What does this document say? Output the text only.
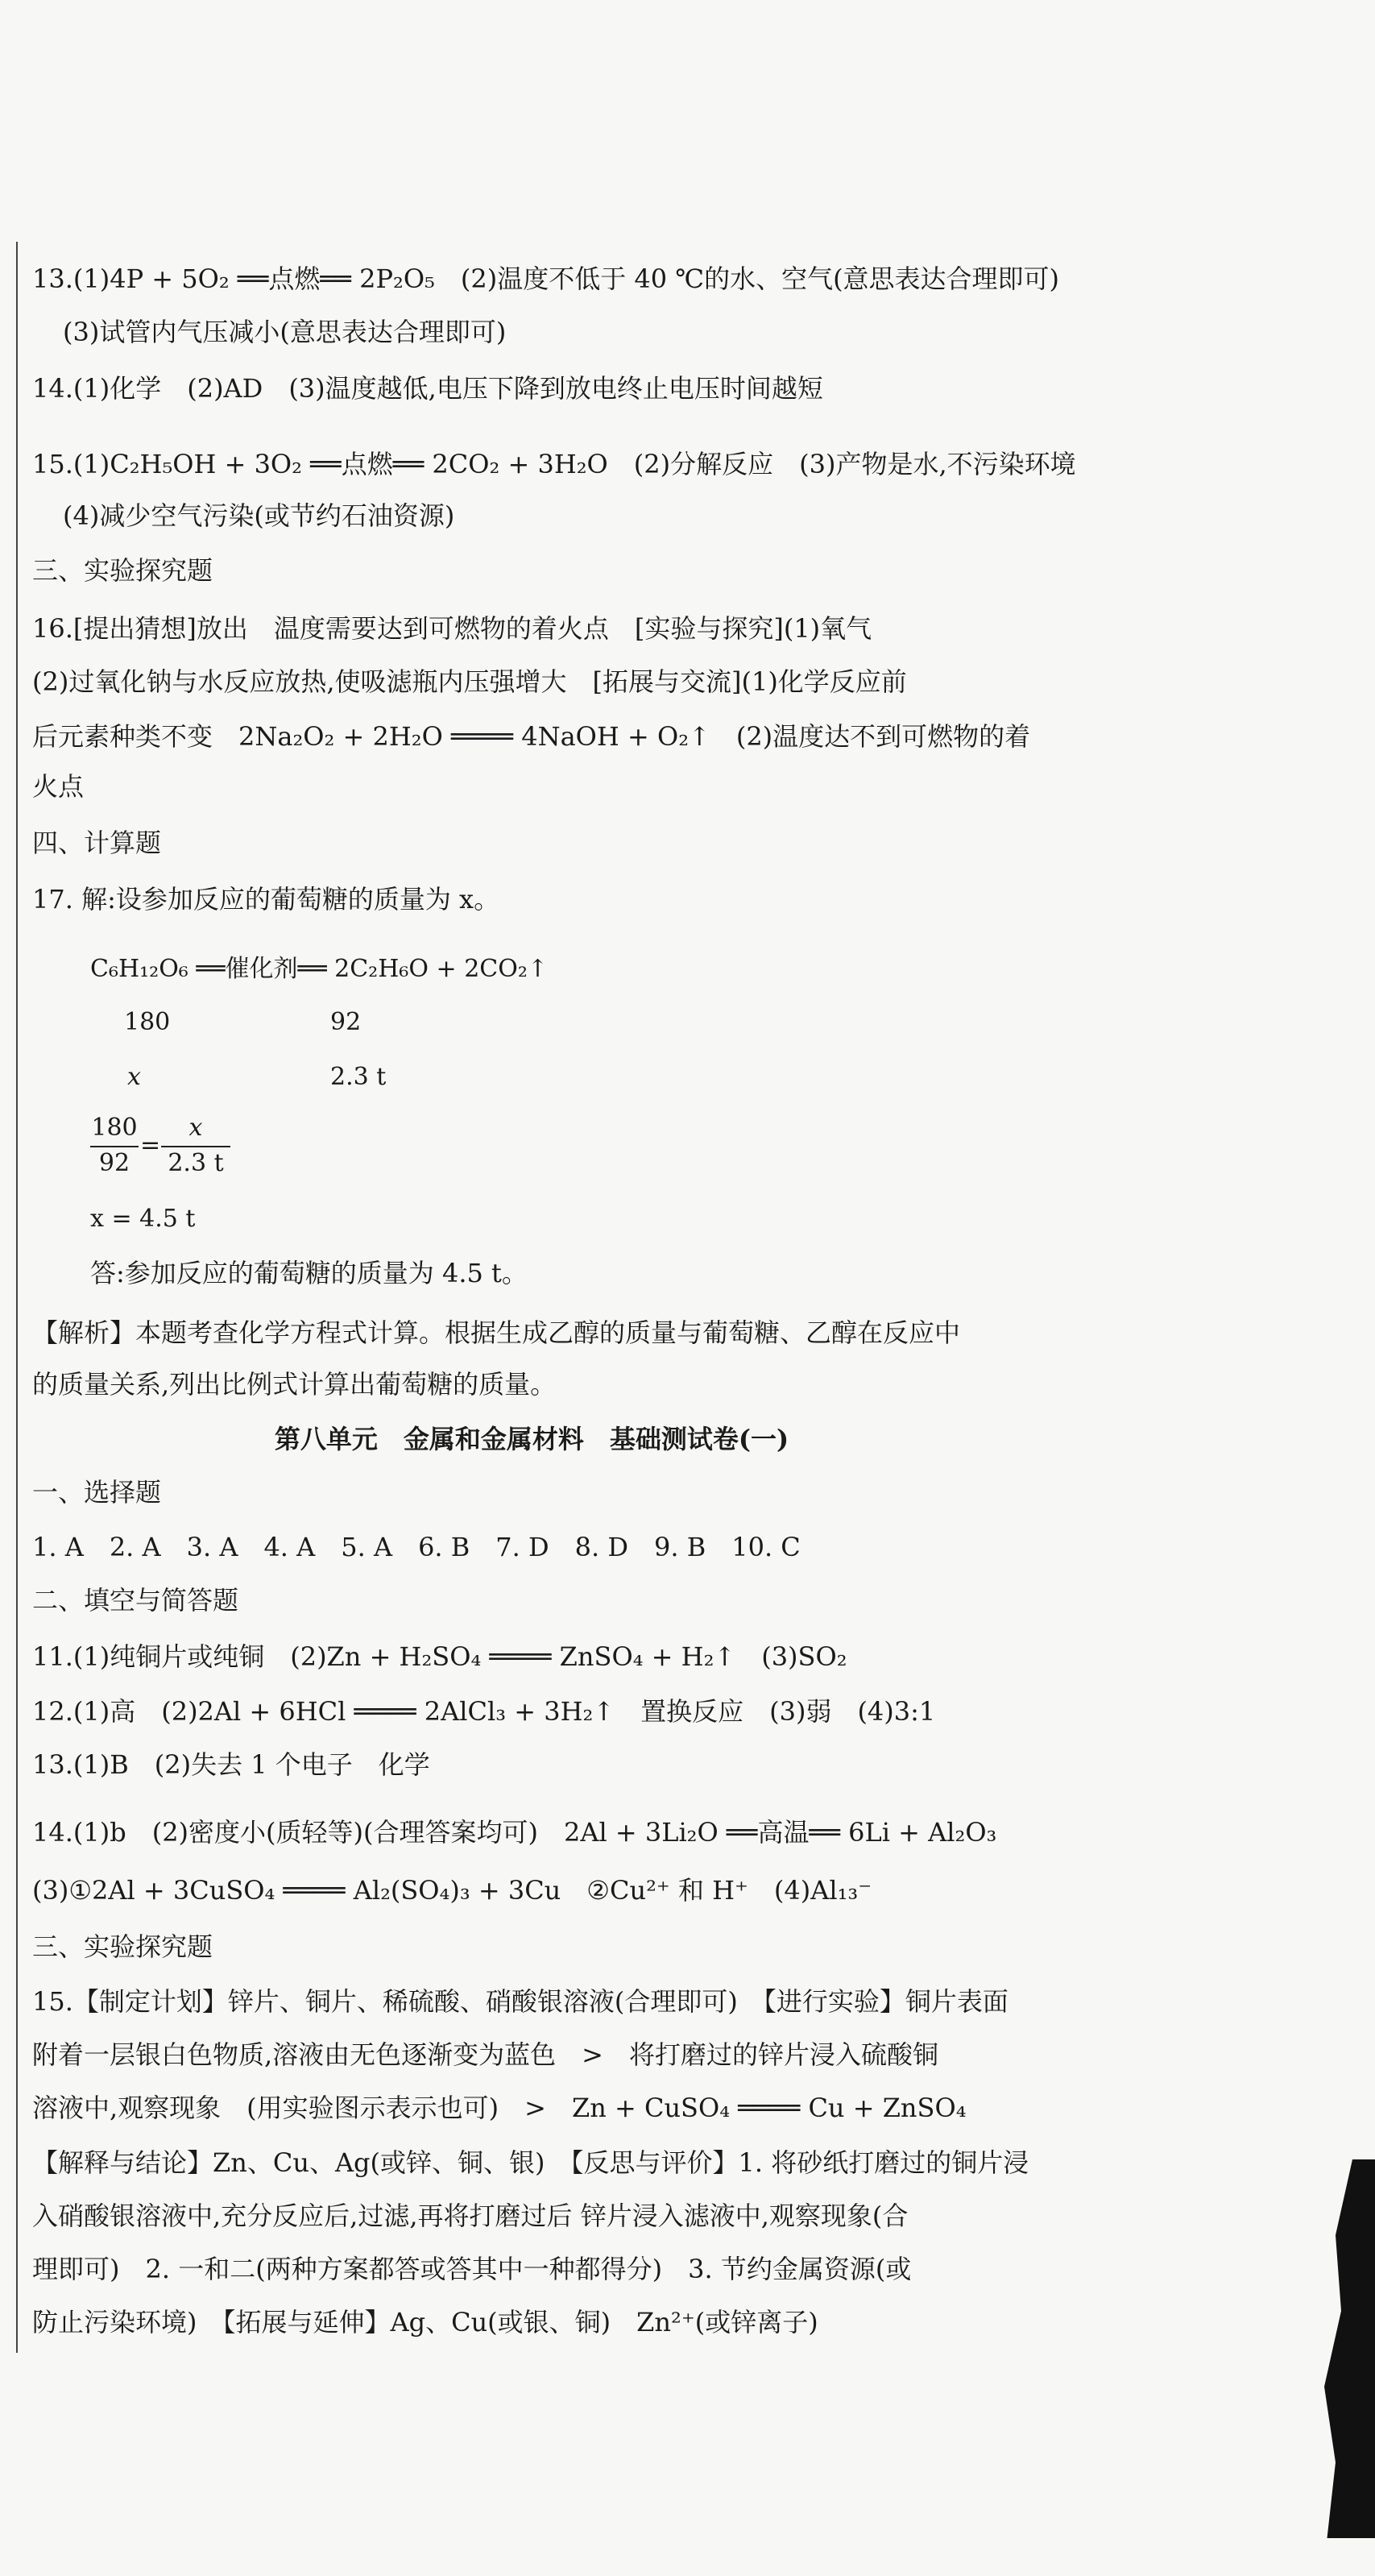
13.(1)4P + 5O₂ ══点燃══ 2P₂O₅　(2)温度不低于 40 ℃的水、空气(意思表达合理即可)
(3)试管内气压减小(意思表达合理即可)
14.(1)化学　(2)AD　(3)温度越低,电压下降到放电终止电压时间越短
15.(1)C₂H₅OH + 3O₂ ══点燃══ 2CO₂ + 3H₂O　(2)分解反应　(3)产物是水,不污染环境
(4)减少空气污染(或节约石油资源)
三、实验探究题
16.[提出猜想]放出　温度需要达到可燃物的着火点　[实验与探究](1)氧气
(2)过氧化钠与水反应放热,使吸滤瓶内压强增大　[拓展与交流](1)化学反应前
后元素种类不变　2Na₂O₂ + 2H₂O ════ 4NaOH + O₂↑　(2)温度达不到可燃物的着
火点
四、计算题
17. 解:设参加反应的葡萄糖的质量为 x。
C₆H₁₂O₆ ══催化剂══ 2C₂H₆O + 2CO₂↑
180	92
x	2.3 t
180
92
=
x
2.3 t
x = 4.5 t
答:参加反应的葡萄糖的质量为 4.5 t。
【解析】本题考查化学方程式计算。根据生成乙醇的质量与葡萄糖、乙醇在反应中
的质量关系,列出比例式计算出葡萄糖的质量。
第八单元　金属和金属材料　基础测试卷(一)
一、选择题
1. A　2. A　3. A　4. A　5. A　6. B　7. D　8. D　9. B　10. C
二、填空与简答题
11.(1)纯铜片或纯铜　(2)Zn + H₂SO₄ ════ ZnSO₄ + H₂↑　(3)SO₂
12.(1)高　(2)2Al + 6HCl ════ 2AlCl₃ + 3H₂↑　置换反应　(3)弱　(4)3:1
13.(1)B　(2)失去 1 个电子　化学
14.(1)b　(2)密度小(质轻等)(合理答案均可)　2Al + 3Li₂O ══高温══ 6Li + Al₂O₃
(3)①2Al + 3CuSO₄ ════ Al₂(SO₄)₃ + 3Cu　②Cu²⁺ 和 H⁺　(4)Al₁₃⁻
三、实验探究题
15.【制定计划】锌片、铜片、稀硫酸、硝酸银溶液(合理即可)　【进行实验】铜片表面
附着一层银白色物质,溶液由无色逐渐变为蓝色　>　将打磨过的锌片浸入硫酸铜
溶液中,观察现象　(用实验图示表示也可)　>　Zn + CuSO₄ ════ Cu + ZnSO₄
【解释与结论】Zn、Cu、Ag(或锌、铜、银)　【反思与评价】1. 将砂纸打磨过的铜片浸
入硝酸银溶液中,充分反应后,过滤,再将打磨过后 锌片浸入滤液中,观察现象(合
理即可)　2. 一和二(两种方案都答或答其中一种都得分)　3. 节约金属资源(或
防止污染环境)　【拓展与延伸】Ag、Cu(或银、铜)　Zn²⁺(或锌离子)
